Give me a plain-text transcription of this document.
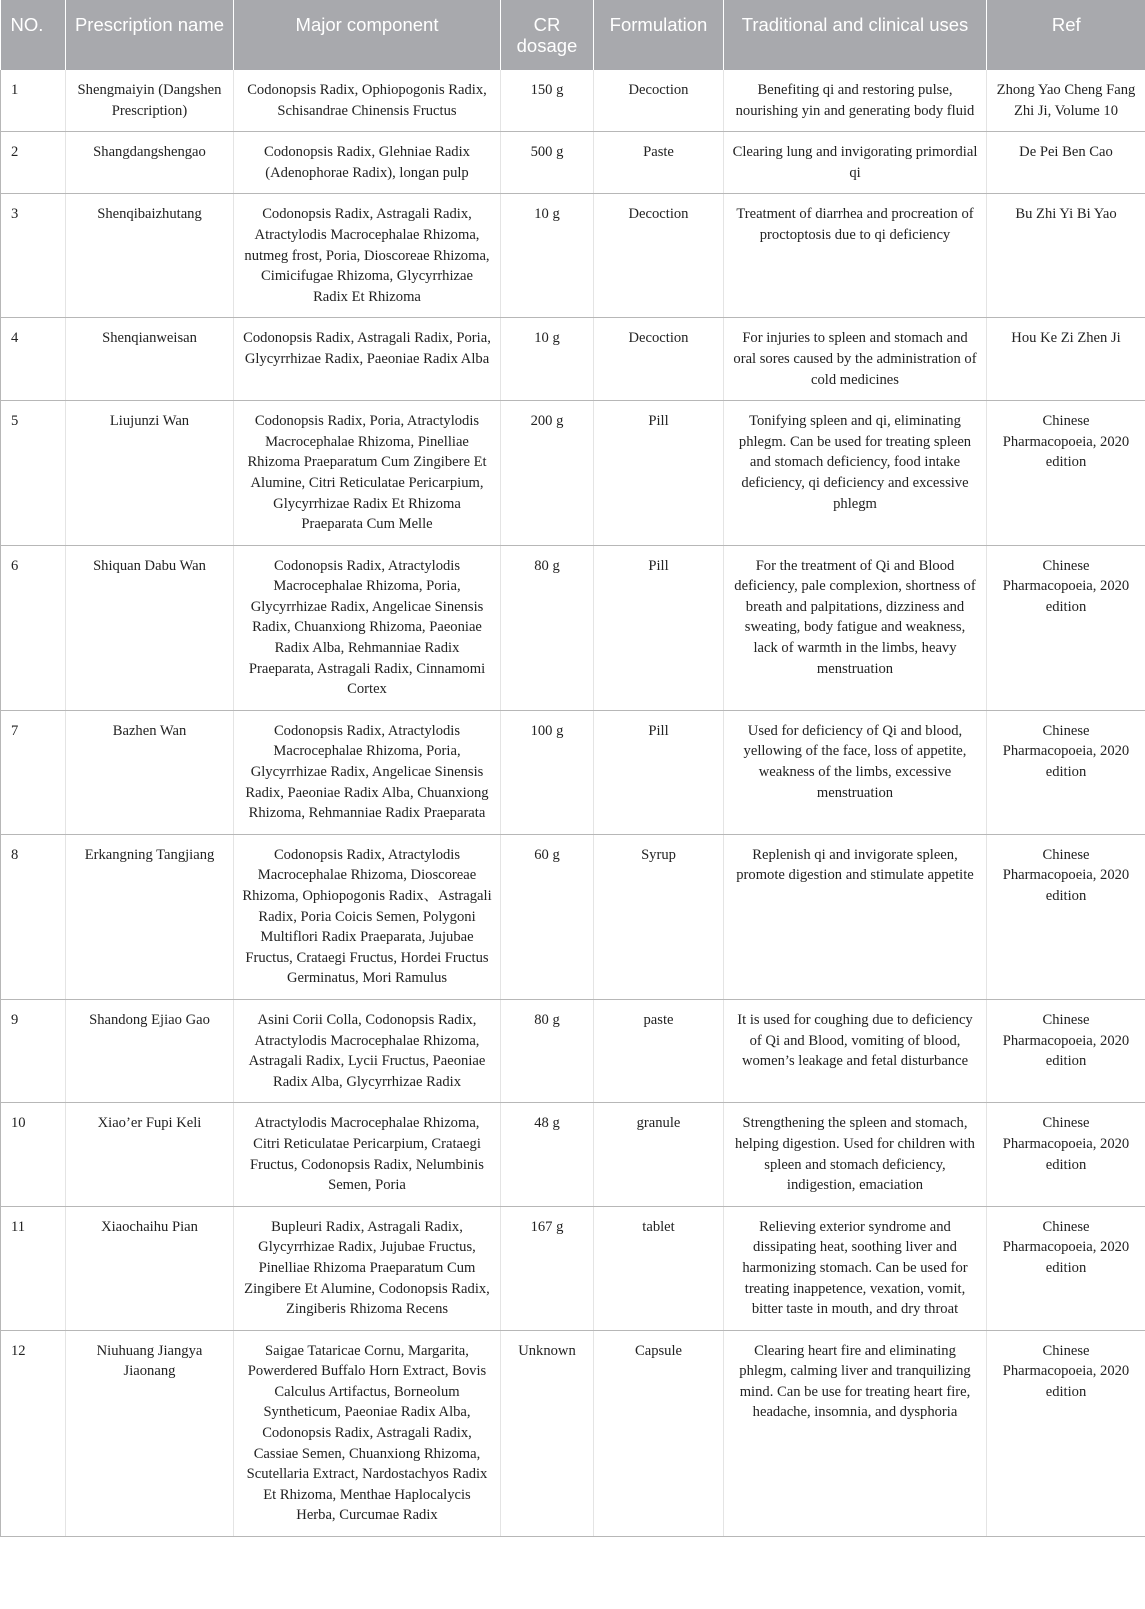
NO.	Prescription name	Major component	CR dosage	Formulation	Traditional and clinical uses	Ref
1	Shengmaiyin (Dangshen Prescription)	Codonopsis Radix, Ophiopogonis Radix, Schisandrae Chinensis Fructus	150 g	Decoction	Benefiting qi and restoring pulse, nourishing yin and generating body fluid	Zhong Yao Cheng Fang Zhi Ji, Volume 10
2	Shangdangshengao	Codonopsis Radix, Glehniae Radix (Adenophorae Radix), longan pulp	500 g	Paste	Clearing lung and invigorating primordial qi	De Pei Ben Cao
3	Shenqibaizhutang	Codonopsis Radix, Astragali Radix, Atractylodis Macrocephalae Rhizoma, nutmeg frost, Poria, Dioscoreae Rhizoma, Cimicifugae Rhizoma, Glycyrrhizae Radix Et Rhizoma	10 g	Decoction	Treatment of diarrhea and procreation of proctoptosis due to qi deficiency	Bu Zhi Yi Bi Yao
4	Shenqianweisan	Codonopsis Radix, Astragali Radix, Poria, Glycyrrhizae Radix, Paeoniae Radix Alba	10 g	Decoction	For injuries to spleen and stomach and oral sores caused by the administration of cold medicines	Hou Ke Zi Zhen Ji
5	Liujunzi Wan	Codonopsis Radix, Poria, Atractylodis Macrocephalae Rhizoma, Pinelliae Rhizoma Praeparatum Cum Zingibere Et Alumine, Citri Reticulatae Pericarpium, Glycyrrhizae Radix Et Rhizoma Praeparata Cum Melle	200 g	Pill	Tonifying spleen and qi, eliminating phlegm. Can be used for treating spleen and stomach deficiency, food intake deficiency, qi deficiency and excessive phlegm	Chinese Pharmacopoeia, 2020 edition
6	Shiquan Dabu Wan	Codonopsis Radix, Atractylodis Macrocephalae Rhizoma, Poria, Glycyrrhizae Radix, Angelicae Sinensis Radix, Chuanxiong Rhizoma, Paeoniae Radix Alba, Rehmanniae Radix Praeparata, Astragali Radix, Cinnamomi Cortex	80 g	Pill	For the treatment of Qi and Blood deficiency, pale complexion, shortness of breath and palpitations, dizziness and sweating, body fatigue and weakness, lack of warmth in the limbs, heavy menstruation	Chinese Pharmacopoeia, 2020 edition
7	Bazhen Wan	Codonopsis Radix, Atractylodis Macrocephalae Rhizoma, Poria, Glycyrrhizae Radix, Angelicae Sinensis Radix, Paeoniae Radix Alba, Chuanxiong Rhizoma, Rehmanniae Radix Praeparata	100 g	Pill	Used for deficiency of Qi and blood, yellowing of the face, loss of appetite, weakness of the limbs, excessive menstruation	Chinese Pharmacopoeia, 2020 edition
8	Erkangning Tangjiang	Codonopsis Radix, Atractylodis Macrocephalae Rhizoma, Dioscoreae Rhizoma, Ophiopogonis Radix、Astragali Radix, Poria Coicis Semen, Polygoni Multiflori Radix Praeparata, Jujubae Fructus, Crataegi Fructus, Hordei Fructus Germinatus, Mori Ramulus	60 g	Syrup	Replenish qi and invigorate spleen, promote digestion and stimulate appetite	Chinese Pharmacopoeia, 2020 edition
9	Shandong Ejiao Gao	Asini Corii Colla, Codonopsis Radix, Atractylodis Macrocephalae Rhizoma, Astragali Radix, Lycii Fructus, Paeoniae Radix Alba, Glycyrrhizae Radix	80 g	paste	It is used for coughing due to deficiency of Qi and Blood, vomiting of blood, women’s leakage and fetal disturbance	Chinese Pharmacopoeia, 2020 edition
10	Xiao’er Fupi Keli	Atractylodis Macrocephalae Rhizoma, Citri Reticulatae Pericarpium, Crataegi Fructus, Codonopsis Radix, Nelumbinis Semen, Poria	48 g	granule	Strengthening the spleen and stomach, helping digestion. Used for children with spleen and stomach deficiency, indigestion, emaciation	Chinese Pharmacopoeia, 2020 edition
11	Xiaochaihu Pian	Bupleuri Radix, Astragali Radix, Glycyrrhizae Radix, Jujubae Fructus, Pinelliae Rhizoma Praeparatum Cum Zingibere Et Alumine, Codonopsis Radix, Zingiberis Rhizoma Recens	167 g	tablet	Relieving exterior syndrome and dissipating heat, soothing liver and harmonizing stomach. Can be used for treating inappetence, vexation, vomit, bitter taste in mouth, and dry throat	Chinese Pharmacopoeia, 2020 edition
12	Niuhuang Jiangya Jiaonang	Saigae Tataricae Cornu, Margarita, Powerdered Buffalo Horn Extract, Bovis Calculus Artifactus, Borneolum Syntheticum, Paeoniae Radix Alba, Codonopsis Radix, Astragali Radix, Cassiae Semen, Chuanxiong Rhizoma, Scutellaria Extract, Nardostachyos Radix Et Rhizoma, Menthae Haplocalycis Herba, Curcumae Radix	Unknown	Capsule	Clearing heart fire and eliminating phlegm, calming liver and tranquilizing mind. Can be use for treating heart fire, headache, insomnia, and dysphoria	Chinese Pharmacopoeia, 2020 edition
